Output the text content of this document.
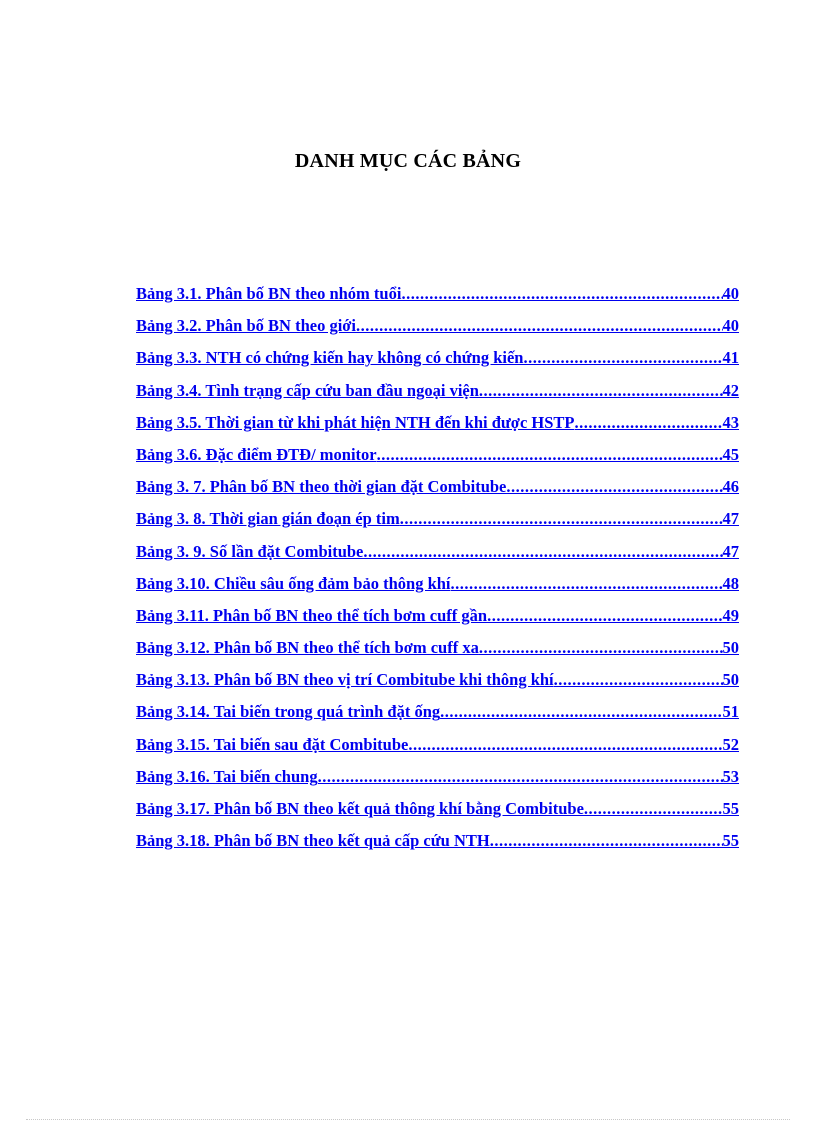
DANH MỤC CÁC BẢNG
Bảng 3.1. Phân bố BN theo nhóm tuổi .....	40
Bảng 3.2. Phân bố BN theo giới .....	40
Bảng 3.3. NTH có chứng kiến hay không có chứng kiến .....	41
Bảng 3.4. Tình trạng cấp cứu ban đầu ngoại viện .....	42
Bảng 3.5. Thời gian từ khi phát hiện NTH đến khi được HSTP .....	43
Bảng 3.6. Đặc điểm ĐTĐ/ monitor .....	45
Bảng 3. 7. Phân bố BN theo thời gian đặt Combitube .....	46
Bảng 3. 8. Thời gian gián đoạn ép tim .....	47
Bảng 3. 9. Số lần đặt Combitube .....	47
Bảng 3.10. Chiều sâu ống đảm bảo thông khí .....	48
Bảng 3.11. Phân bố BN theo thể tích bơm cuff gần .....	49
Bảng 3.12. Phân bố BN theo thể tích bơm cuff xa .....	50
Bảng 3.13. Phân bố BN theo vị trí Combitube khi thông khí .....	50
Bảng 3.14. Tai biến trong quá trình đặt ống .....	51
Bảng 3.15. Tai biến sau đặt Combitube .....	52
Bảng 3.16. Tai biến chung .....	53
Bảng 3.17. Phân bố BN theo kết quả thông khí bằng Combitube .....	55
Bảng 3.18. Phân bố BN theo kết quả cấp cứu NTH .....	55
